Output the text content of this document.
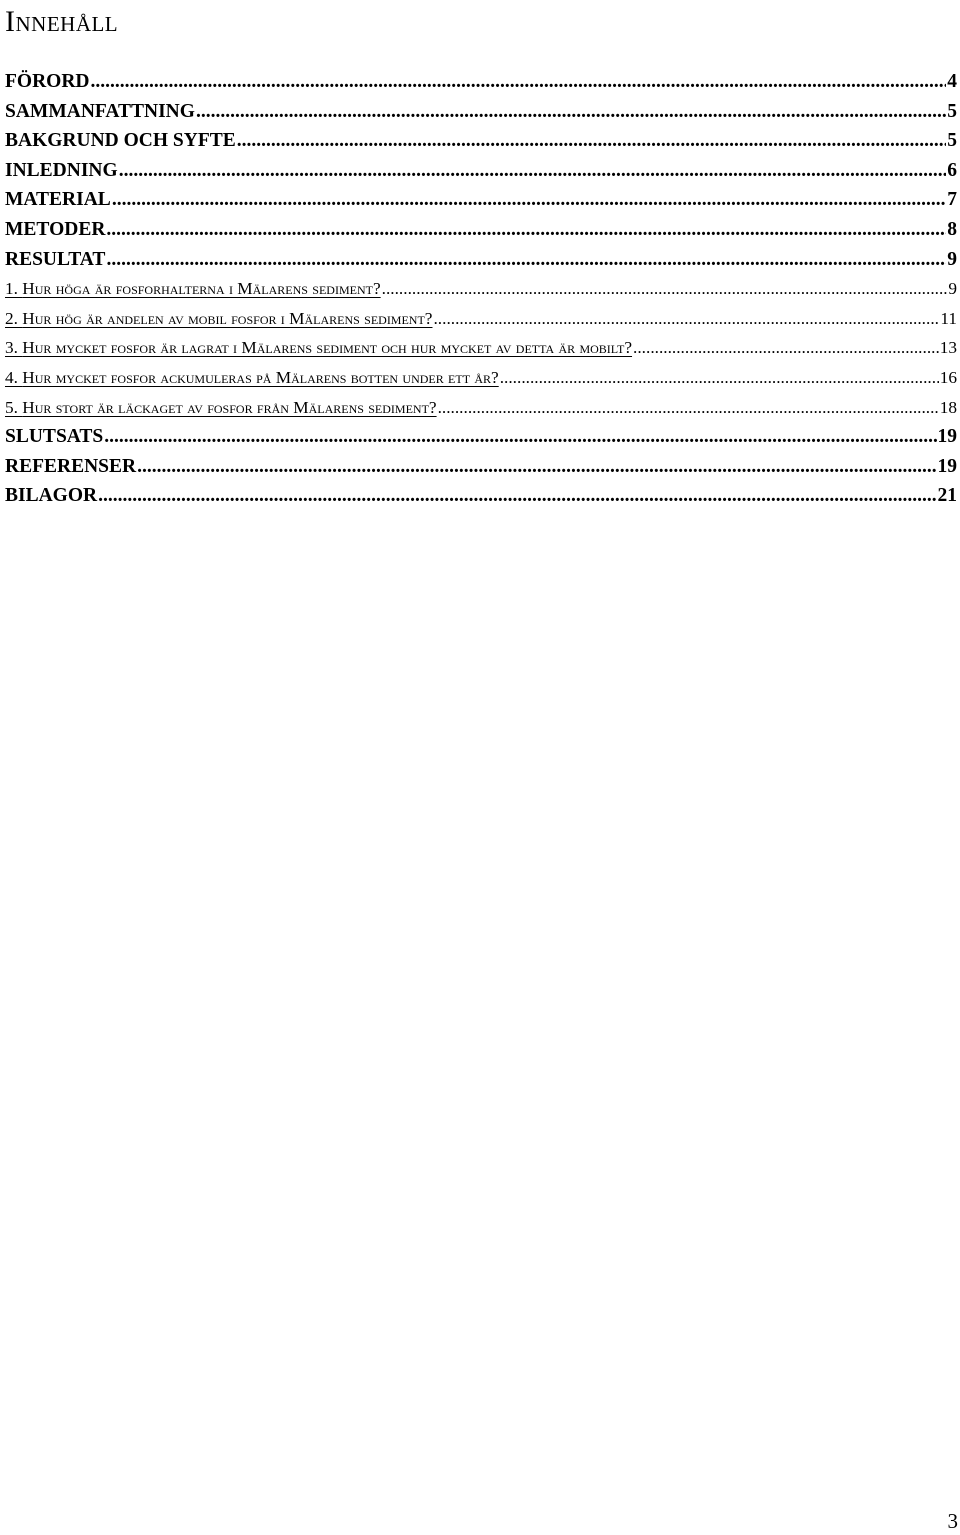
Innehåll
FÖRORD .....	4
SAMMANFATTNING .....	5
BAKGRUND OCH SYFTE .....	5
INLEDNING .....	6
MATERIAL .....	7
METODER .....	8
RESULTAT .....	9
1. Hur höga är fosforhalterna i Mälarens sediment? .....	9
2. Hur hög är andelen av mobil fosfor i Mälarens sediment? .....	11
3. Hur mycket fosfor är lagrat i Mälarens sediment och hur mycket av detta är mobilt? .....	13
4. Hur mycket fosfor ackumuleras på Mälarens botten under ett år? .....	16
5. Hur stort är läckaget av fosfor från Mälarens sediment? .....	18
SLUTSATS .....	19
REFERENSER .....	19
BILAGOR .....	21
3
